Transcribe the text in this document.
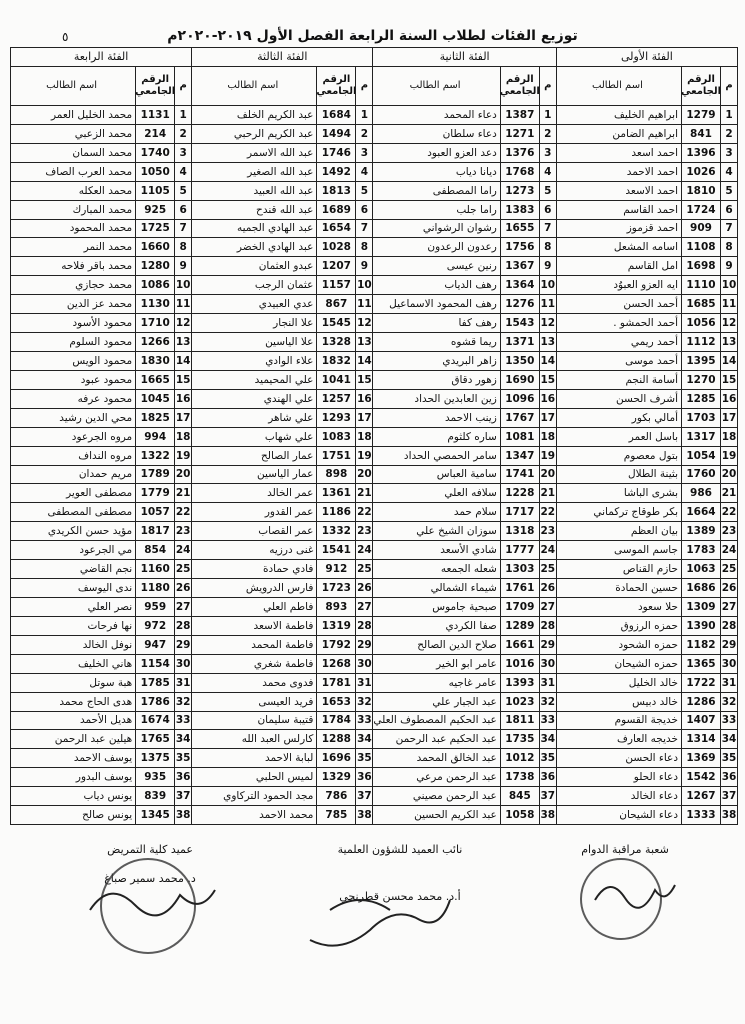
٥	توزيع الفئات لطلاب السنة الرابعة الفصل الأول ٢٠١٩-٢٠٢٠م
الفئة الأولى
م
الرقم الجامعي
اسم الطالب
1
1279
ابراهيم الخليف
2
841
ابراهيم الضامن
3
1396
احمد اسعد
4
1026
احمد الاحمد
5
1810
احمد الاسعد
6
1724
احمد القاسم
7
909
احمد قزموز
8
1108
اسامه المشعل
9
1698
امل القاسم
10
1110
ايه العزو العبوُد
11
1685
أحمد الحسن
12
1056
أحمد الحمشو .
13
1112
أحمد ريمي
14
1395
أحمد موسى
15
1270
أسامة النجم
16
1285
أشرف الحسن
17
1703
أمالي بكور
18
1317
باسل العمر
19
1054
بتول معصوم
20
1760
بثينة الطلال
21
986
بشرى الباشا
22
1664
بكر طوقاج تركماني
23
1389
بيان العظم
24
1783
جاسم الموسى
25
1063
حازم القناص
26
1686
حسين الحمادة
27
1309
حلا سعود
28
1390
حمزه الرزوق
29
1182
حمزه الشحود
30
1365
حمزه الشيحان
31
1722
خالد الخليل
32
1286
خالد دبيس
33
1407
خديجة القسوم
34
1314
خديجه العارف
35
1369
دعاء الحسن
36
1542
دعاء الحلو
37
1267
دعاء الخالد
38
1333
دعاء الشيحان
الفئة الثانية
م
الرقم الجامعي
اسم الطالب
1
1387
دعاء المحمد
2
1271
دعاء سلطان
3
1376
دعد العزو العبود
4
1768
ديانا دياب
5
1273
راما المصطفى
6
1383
راما جلب
7
1655
رشوان الرشواني
8
1756
رعدون الرعدون
9
1367
رنين عيسى
10
1364
رهف الدياب
11
1276
رهف المحمود الاسماعيل
12
1543
رهف كفا
13
1371
ريما قشوه
14
1350
زاهر البريدي
15
1690
زهور دقاق
16
1096
زين العابدين الحداد
17
1767
زينب الاحمد
18
1081
ساره كلثوم
19
1347
سامر الحمصي الحداد
20
1741
سامية العباس
21
1228
سلافه العلي
22
1717
سلام حمد
23
1318
سوزان الشيخ علي
24
1777
شادي الأسعد
25
1303
شعله الجمعه
26
1761
شيماء الشمالي
27
1709
صبحية جاموس
28
1289
صفا الكردي
29
1661
صلاح الدين الصالح
30
1016
عامر ابو الخير
31
1393
عامر غاجيه
32
1023
عبد الجبار علي
33
1811
عبد الحكيم المصطوف العلي
34
1735
عبد الحكيم عبد الرحمن
35
1012
عبد الخالق المحمد
36
1738
عبد الرحمن مرعي
37
845
عبد الرحمن مصيني
38
1058
عبد الكريم الحسين
الفئة الثالثة
م
الرقم الجامعي
اسم الطالب
1
1684
عبد الكريم الخلف
2
1494
عبد الكريم الرحبي
3
1746
عبد الله الاسمر
4
1492
عبد الله الصغير
5
1813
عبد الله العبيد
6
1689
عبد الله قندح
7
1654
عبد الهادي الجميه
8
1028
عبد الهادي الخضر
9
1207
عبدو العثمان
10
1157
عثمان الرجب
11
867
عدي العبيدي
12
1545
علا النجار
13
1328
علا الياسين
14
1832
علاء الوادي
15
1041
علي المحيميد
16
1257
علي الهندي
17
1293
علي شاهر
18
1083
علي شهاب
19
1751
عمار الصالح
20
898
عمار الياسين
21
1361
عمر الخالد
22
1186
عمر القدور
23
1332
عمر القصاب
24
1541
غنى درزيه
25
912
فادي حمادة
26
1723
فارس الدرويش
27
893
فاطم العلي
28
1319
فاطمة الاسعد
29
1792
فاطمة المحمد
30
1268
فاطمة شغري
31
1781
فدوى محمد
32
1653
فريد العيسى
33
1784
قتيبة سليمان
34
1288
كارلس العبد الله
35
1696
لبابة الاحمد
36
1329
لميس الحلبي
37
786
مجد الحمود التركاوي
38
785
محمد الاحمد
الفئة الرابعة
م
الرقم الجامعي
اسم الطالب
1
1131
محمد الخليل العمر
2
214
محمد الزعبي
3
1740
محمد السمان
4
1050
محمد العرب الصاف
5
1105
محمد العكله
6
925
محمد المبارك
7
1725
محمد المحمود
8
1660
محمد النمر
9
1280
محمد باقر فلاحه
10
1086
محمد حجازي
11
1130
محمد عز الدين
12
1710
محمود الأسود
13
1266
محمود السلوم
14
1830
محمود الويس
15
1665
محمود عبود
16
1045
محمود عرفه
17
1825
محي الدين رشيد
18
994
مروه الجرعود
19
1322
مروه النداف
20
1789
مريم حمدان
21
1779
مصطفى العوير
22
1057
مصطفى المصطفى
23
1817
مؤيد حسن الكريدي
24
854
مي الجرعود
25
1160
نجم القاضي
26
1180
ندى اليوسف
27
959
نصر العلي
28
972
نها فرحات
29
947
نوفل الخالد
30
1154
هاني الخليف
31
1785
هبة سوتل
32
1786
هدى الحاج محمد
33
1674
هديل الأحمد
34
1765
هيلين عبد الرحمن
35
1375
يوسف الاحمد
36
935
يوسف البدور
37
839
يونس دياب
38
1345
يونس صالح
شعبة مراقبة الدوام
نائب العميد للشؤون العلمية
أ.د. محمد محسن قطرنجي
عميد كلية التمريض
د. محمد سمير صباغ
